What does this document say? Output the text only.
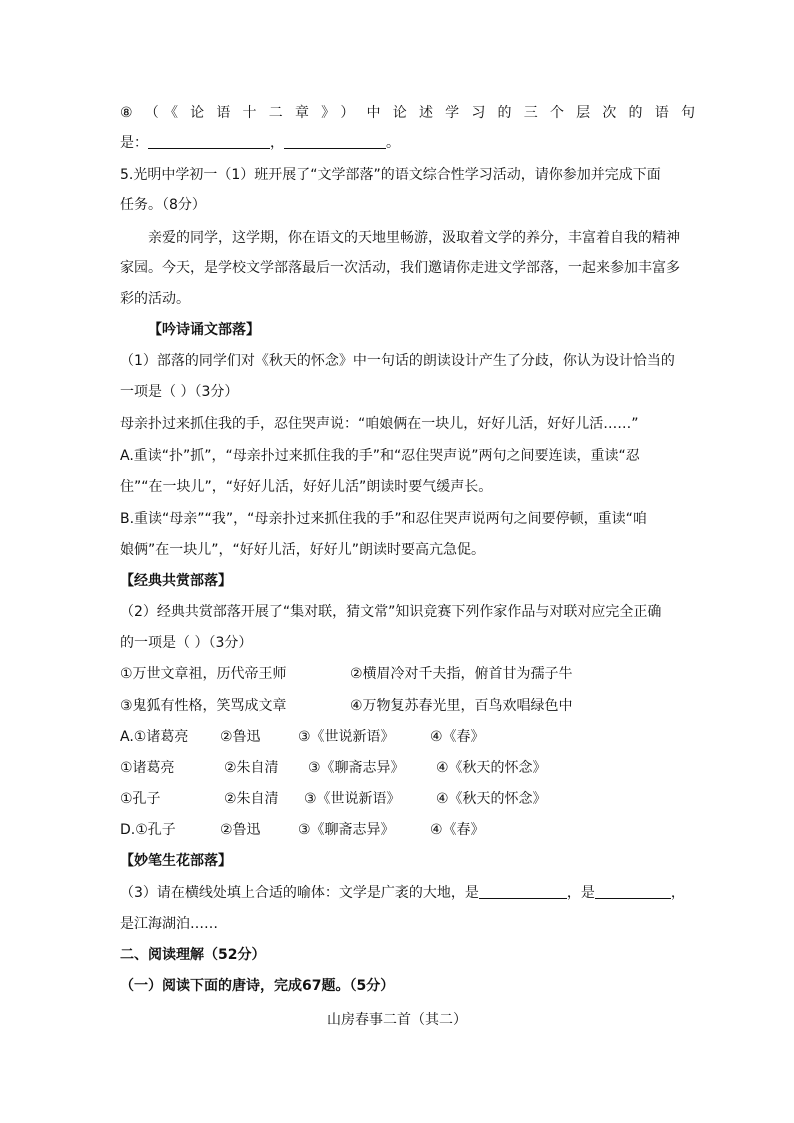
⑧（《论语十二章》）中论述学习的三个层次的语句
是：	，	。
5.光明中学初一（1）班开展了“文学部落”的语文综合性学习活动，请你参加并完成下面
任务。（8分）
亲爱的同学，这学期，你在语文的天地里畅游，汲取着文学的养分，丰富着自我的精神
家园。今天，是学校文学部落最后一次活动，我们邀请你走进文学部落，一起来参加丰富多
彩的活动。
【吟诗诵文部落】
（1）部落的同学们对《秋天的怀念》中一句话的朗读设计产生了分歧，你认为设计恰当的
一项是（ ）（3分）
母亲扑过来抓住我的手，忍住哭声说：“咱娘俩在一块儿，好好儿活，好好儿活……”
A.重读“扑”抓”，“母亲扑过来抓住我的手”和“忍住哭声说”两句之间要连读，重读“忍
住”“在一块儿”，“好好儿活，好好儿活”朗读时要气缓声长。
B.重读“母亲”“我”，“母亲扑过来抓住我的手”和忍住哭声说两句之间要停顿，重读“咱
娘俩”在一块儿”，“好好儿活，好好儿”朗读时要高亢急促。
【经典共赏部落】
（2）经典共赏部落开展了“集对联，猜文常”知识竞赛下列作家作品与对联对应完全正确
的一项是（ ）（3分）
①万世文章祖，历代帝王师	②横眉冷对千夫指，俯首甘为孺子牛
③鬼狐有性格，笑骂成文章	④万物复苏春光里，百鸟欢唱绿色中
A.①诸葛亮 ②鲁迅	③《世说新语》	④《春》
①诸葛亮	②朱自清 ③《聊斋志异》 ④《秋天的怀念》
①孔子	②朱自清 ③《世说新语》	④《秋天的怀念》
D.①孔子	②鲁迅	③《聊斋志异》	④《春》
【妙笔生花部落】
（3）请在横线处填上合适的喻体：文学是广袤的大地，是	，是	，
是江海湖泊……
二、阅读理解（52分）
（一）阅读下面的唐诗，完成67题。（5分）
山房春事二首（其二）
